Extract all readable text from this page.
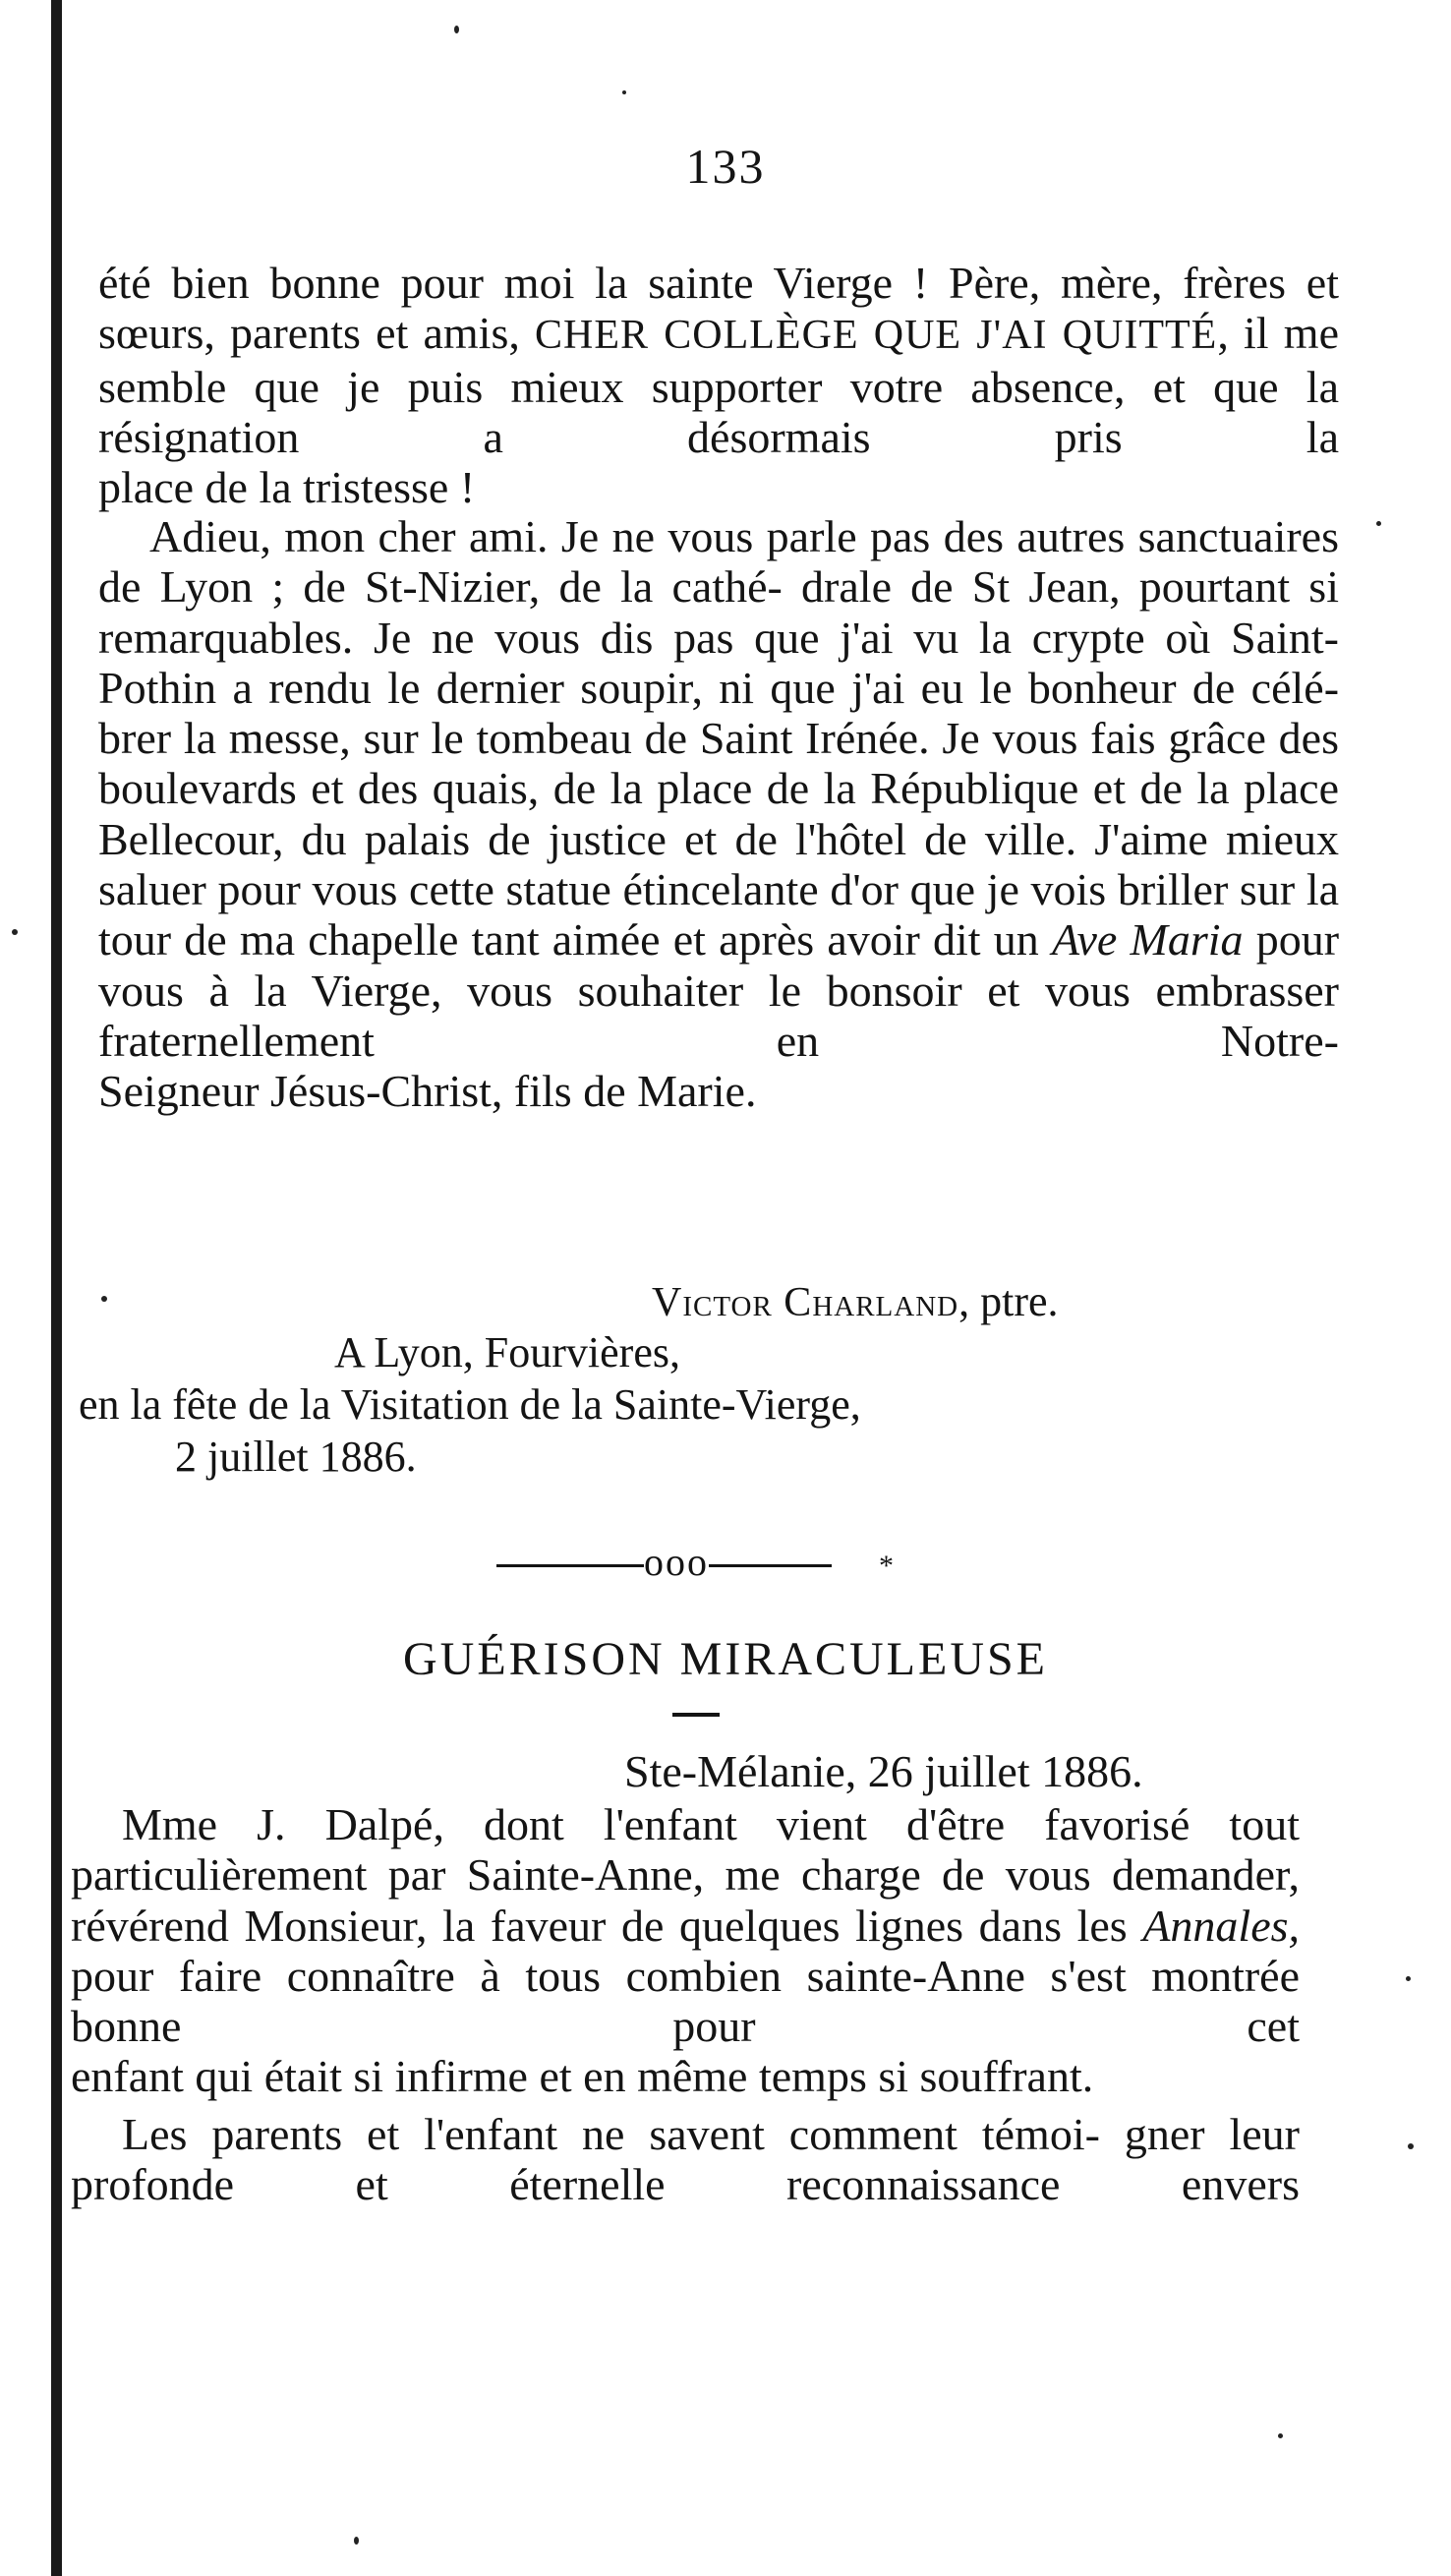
133

été bien bonne pour moi la sainte Vierge ! Père, mère, frères et sœurs, parents et amis, CHER COLLÈGE QUE J'AI QUITTÉ, il me semble que je puis mieux supporter votre absence, et que la résignation a désormais pris la
place de la tristesse !

Adieu, mon cher ami. Je ne vous parle pas des autres sanctuaires de Lyon ; de St-Nizier, de la cathé- drale de St Jean, pourtant si remarquables. Je ne vous dis pas que j'ai vu la crypte où Saint-Pothin a rendu le dernier soupir, ni que j'ai eu le bonheur de célé- brer la messe, sur le tombeau de Saint Irénée. Je vous fais grâce des boulevards et des quais, de la place de la République et de la place Bellecour, du palais de justice et de l'hôtel de ville. J'aime mieux saluer pour vous cette statue étincelante d'or que je vois briller sur la tour de ma chapelle tant aimée et après avoir dit un Ave Maria pour vous à la Vierge, vous souhaiter le bonsoir et vous embrasser fraternellement en Notre-
Seigneur Jésus-Christ, fils de Marie.

Victor Charland, ptre.
A Lyon, Fourvières,
en la fête de la Visitation de la Sainte-Vierge,
2 juillet 1886.
ooo	*
GUÉRISON MIRACULEUSE
Ste-Mélanie, 26 juillet 1886.

Mme J. Dalpé, dont l'enfant vient d'être favorisé tout particulièrement par Sainte-Anne, me charge de vous demander, révérend Monsieur, la faveur de quelques lignes dans les Annales, pour faire connaître à tous combien sainte-Anne s'est montrée bonne pour cet
enfant qui était si infirme et en même temps si souffrant.

Les parents et l'enfant ne savent comment témoi- gner leur profonde et éternelle reconnaissance envers
